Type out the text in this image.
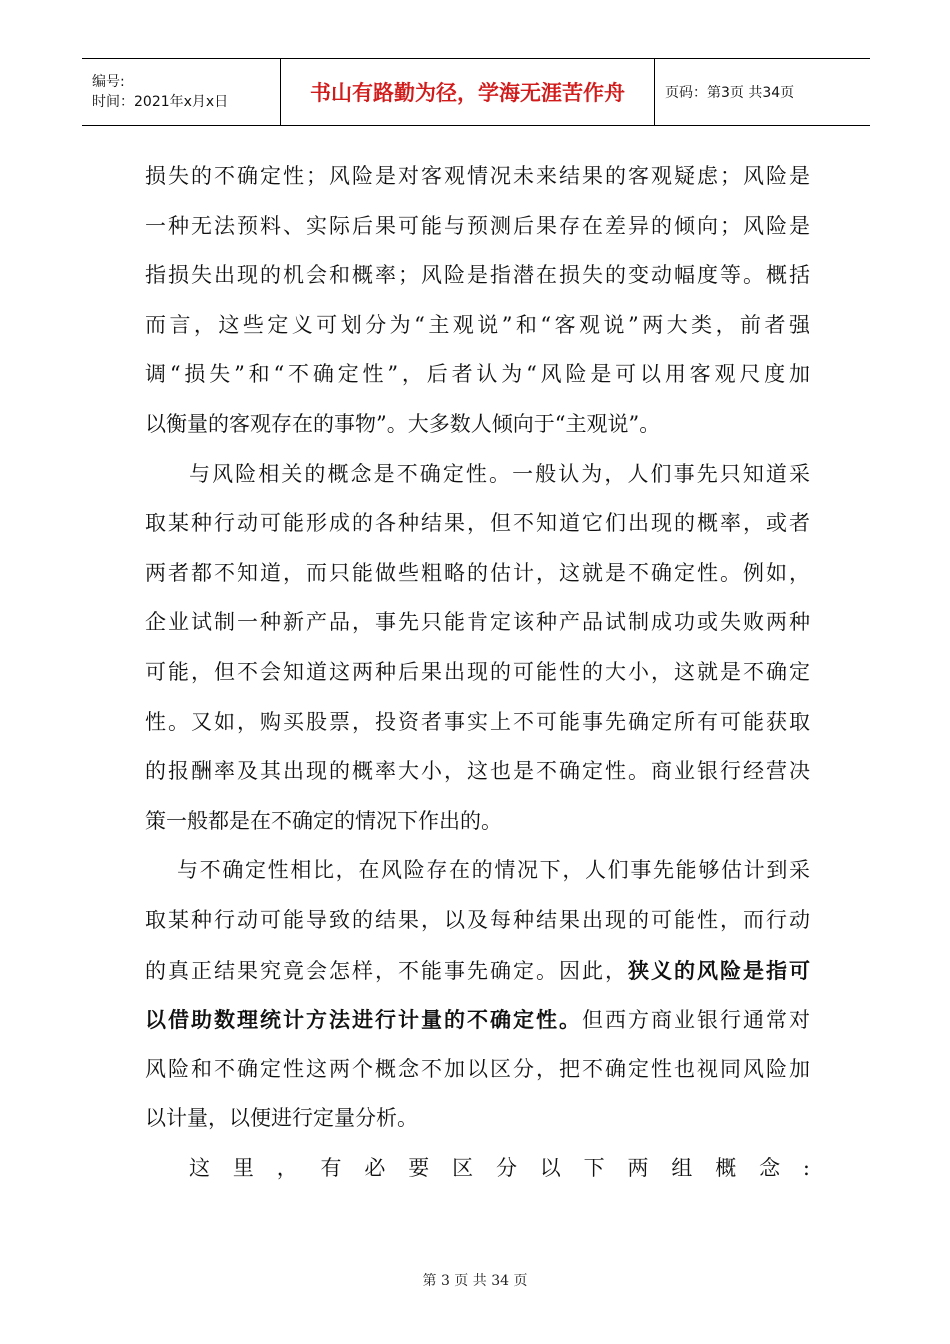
编号:
时间：2021年x月x日	书山有路勤为径，学海无涯苦作舟	页码：第3页 共34页
损失的不确定性；风险是对客观情况未来结果的客观疑虑；风险是
一种无法预料、实际后果可能与预测后果存在差异的倾向；风险是
指损失出现的机会和概率；风险是指潜在损失的变动幅度等。概括
而言，这些定义可划分为“主观说”和“客观说”两大类，前者强
调“损失”和“不确定性”，后者认为“风险是可以用客观尺度加
以衡量的客观存在的事物”。大多数人倾向于“主观说”。
与风险相关的概念是不确定性。一般认为，人们事先只知道采
取某种行动可能形成的各种结果，但不知道它们出现的概率，或者
两者都不知道，而只能做些粗略的估计，这就是不确定性。例如，
企业试制一种新产品，事先只能肯定该种产品试制成功或失败两种
可能，但不会知道这两种后果出现的可能性的大小，这就是不确定
性。又如，购买股票，投资者事实上不可能事先确定所有可能获取
的报酬率及其出现的概率大小，这也是不确定性。商业银行经营决
策一般都是在不确定的情况下作出的。
与不确定性相比，在风险存在的情况下，人们事先能够估计到采
取某种行动可能导致的结果，以及每种结果出现的可能性，而行动
的真正结果究竟会怎样，不能事先确定。因此，狭义的风险是指可
以借助数理统计方法进行计量的不确定性。但西方商业银行通常对
风险和不确定性这两个概念不加以区分，把不确定性也视同风险加
以计量，以便进行定量分析。
这里，有必要区分以下两组概念:
第 3 页 共 34 页
